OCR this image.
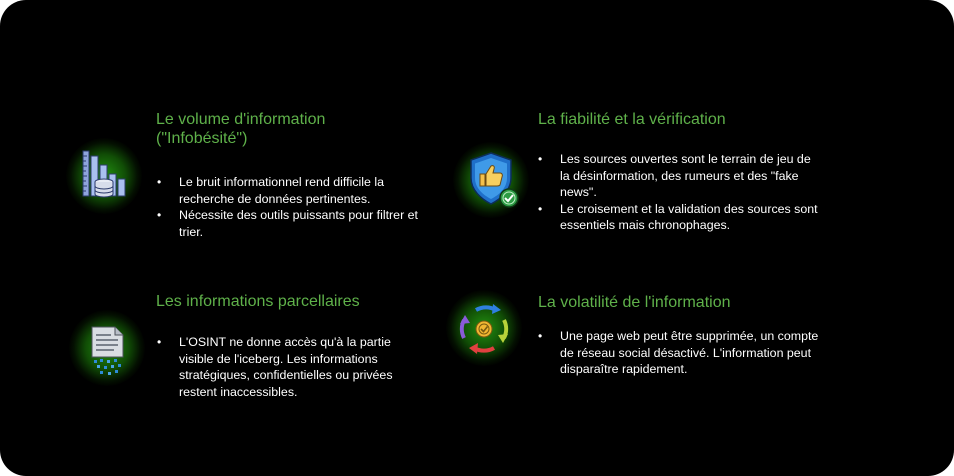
Le volume d'information
("Infobésité")
• Le bruit informationnel rend difficile la recherche de données pertinentes.
• Nécessite des outils puissants pour filtrer et trier.
La fiabilité et la vérification
• Les sources ouvertes sont le terrain de jeu de la désinformation, des rumeurs et des "fake news".
• Le croisement et la validation des sources sont essentiels mais chronophages.
Les informations parcellaires
• L'OSINT ne donne accès qu'à la partie visible de l'iceberg. Les informations stratégiques, confidentielles ou privées restent inaccessibles.
La volatilité de l'information
• Une page web peut être supprimée, un compte de réseau social désactivé. L'information peut disparaître rapidement.
